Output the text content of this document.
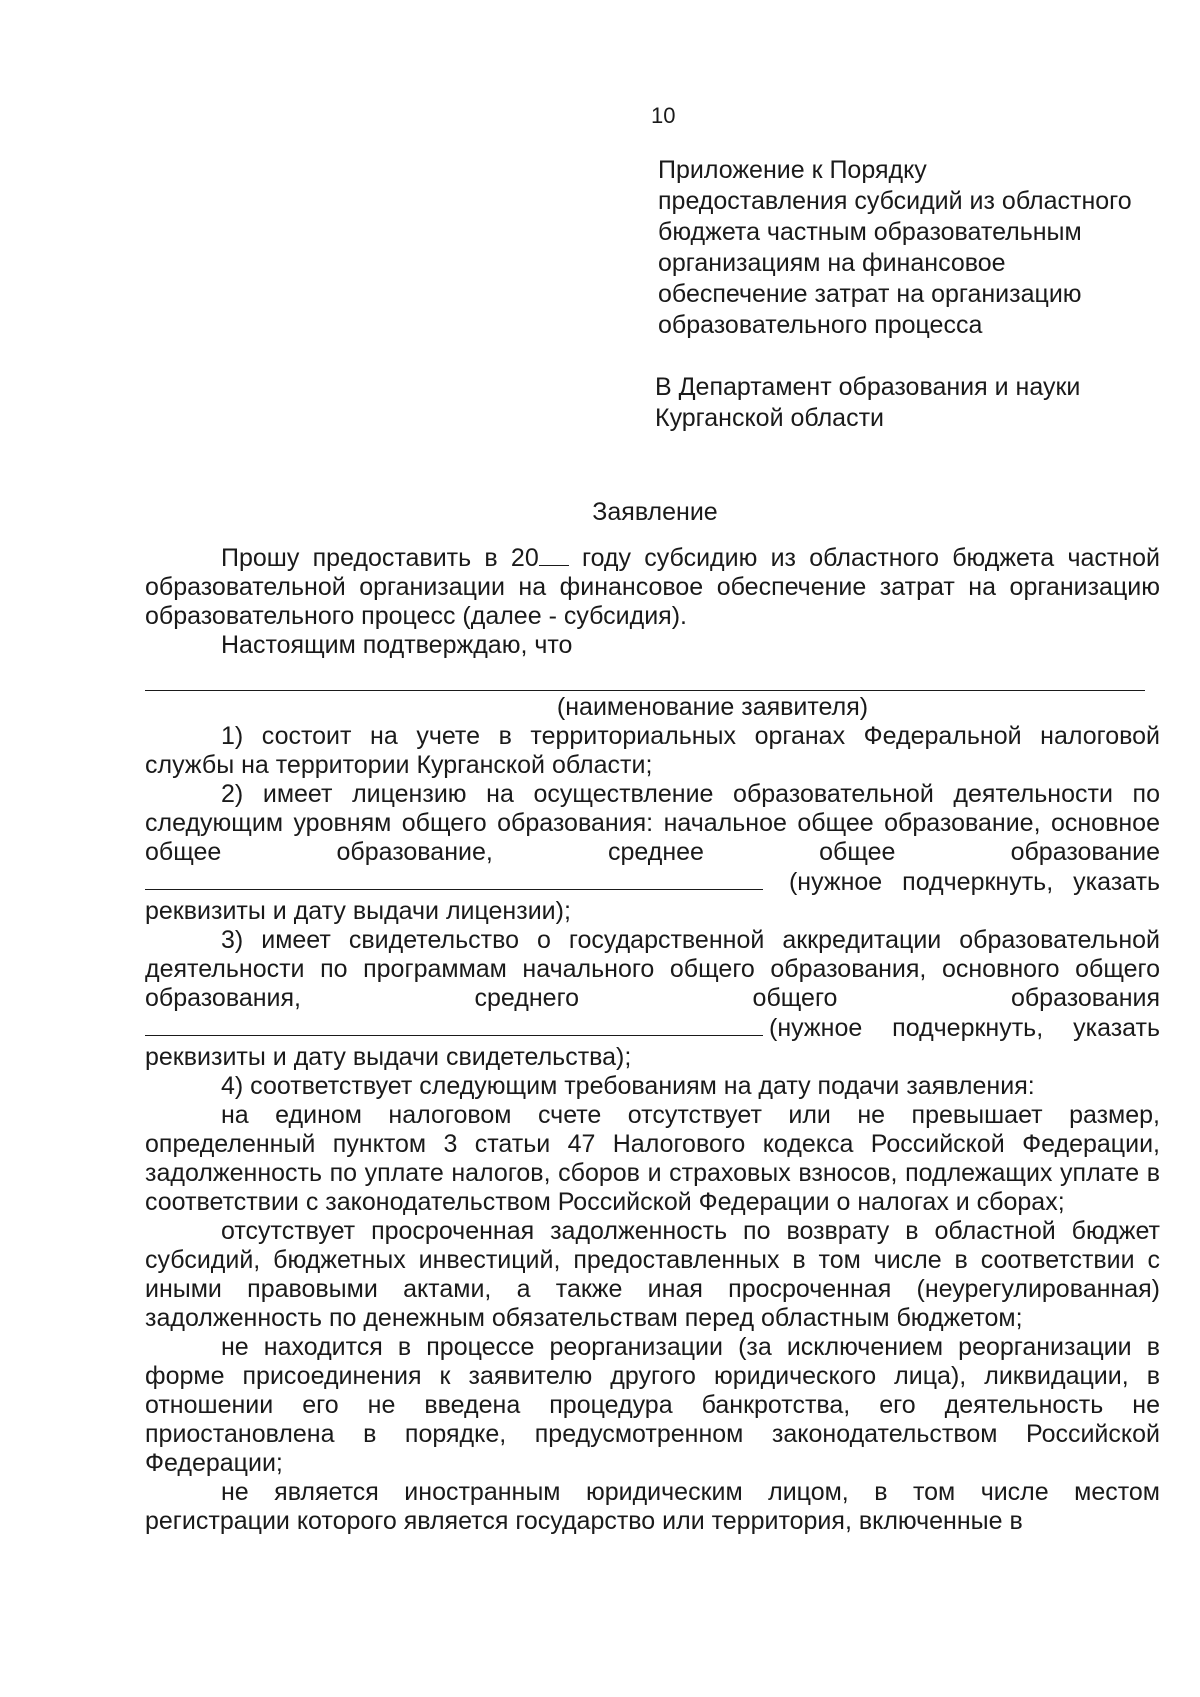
10
Приложение к Порядку
предоставления субсидий из областного
бюджета частным образовательным
организациям на финансовое
обеспечение затрат на организацию
образовательного процесса
В Департамент образования и науки
Курганской области
Заявление

Прошу предоставить в 20 году субсидию из областного бюджета частной образовательной организации на финансовое обеспечение затрат на организацию образовательного процесс (далее - субсидия).

Настоящим подтверждаю, что

(наименование заявителя)

1) состоит на учете в территориальных органах Федеральной налоговой службы на территории Курганской области;

2) имеет лицензию на осуществление образовательной деятельности по следующим уровням общего образования: начальное общее образование, основное общее образование, среднее общее образование  (нужное подчеркнуть, указать реквизиты и дату выдачи лицензии);

3) имеет свидетельство о государственной аккредитации образовательной деятельности по программам начального общего образования, основного общего образования, среднего общего образования (нужное подчеркнуть, указать реквизиты и дату выдачи свидетельства);

4) соответствует следующим требованиям на дату подачи заявления:

на едином налоговом счете отсутствует или не превышает размер, определенный пунктом 3 статьи 47 Налогового кодекса Российской Федерации, задолженность по уплате налогов, сборов и страховых взносов, подлежащих уплате в соответствии с законодательством Российской Федерации о налогах и сборах;

отсутствует просроченная задолженность по возврату в областной бюджет субсидий, бюджетных инвестиций, предоставленных в том числе в соответствии с иными правовыми актами, а также иная просроченная (неурегулированная) задолженность по денежным обязательствам перед областным бюджетом;

не находится в процессе реорганизации (за исключением реорганизации в форме присоединения к заявителю другого юридического лица), ликвидации, в отношении его не введена процедура банкротства, его деятельность не приостановлена в порядке, предусмотренном законодательством Российской Федерации;

не является иностранным юридическим лицом, в том числе местом регистрации которого является государство или территория, включенные в
